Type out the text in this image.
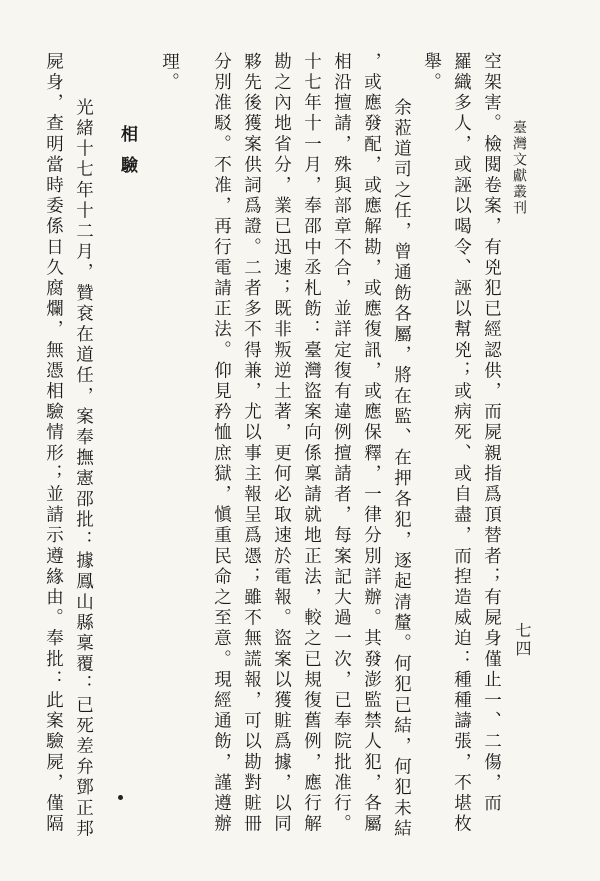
臺灣文獻叢刊
七四
空架害。檢閱卷案，有兇犯已經認供，而屍親指爲頂替者；有屍身僅止一、二傷，而
羅織多人，或誣以喝令、誣以幫兇；或病死、或自盡，而揑造威迫：種種譸張，不堪枚
舉。
余蒞道司之任，曾通飭各屬，將在監、在押各犯，逐起清釐。何犯已結，何犯未結
，或應發配，或應解勘，或應復訊，或應保釋，一律分別詳辦。其發澎監禁人犯，各屬
相沿擅請，殊與部章不合，並詳定復有違例擅請者，每案記大過一次，已奉院批准行。
十七年十一月，奉邵中丞札飭：臺灣盜案向係稟請就地正法，較之已規復舊例，應行解
勘之內地省分，業已迅速；既非叛逆土著，更何必取速於電報。盜案以獲賍爲據，以同
夥先後獲案供詞爲證。二者多不得兼，尤以事主報呈爲憑；雖不無謊報，可以勘對賍冊
分別准駁。不准，再行電請正法。仰見矜恤庶獄，愼重民命之至意。現經通飭，謹遵辦
理。
相驗
光緒十七年十二月，贊袞在道任，案奉撫憲邵批：據鳳山縣稟覆：已死差弁鄧正邦
屍身，查明當時委係日久腐爛，無憑相驗情形；並請示遵緣由。奉批：此案驗屍，僅隔
